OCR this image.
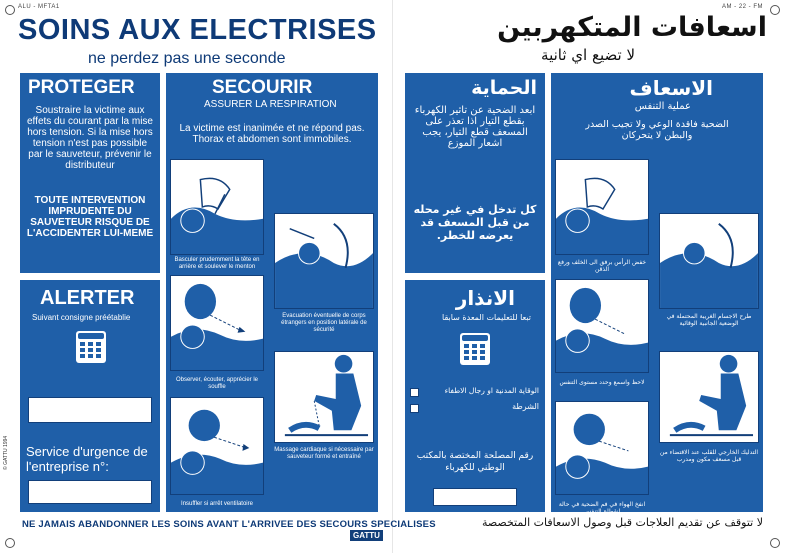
ALU - MFTA1	AM - 22 - FM
SOINS AUX ELECTRISES
ne perdez pas une seconde
PROTEGER
Soustraire la victime aux effets du courant par la mise hors tension. Si la mise hors tension n'est pas possible par le sauveteur, prévenir le distributeur
TOUTE INTERVENTION IMPRUDENTE DU SAUVETEUR RISQUE DE L'ACCIDENTER LUI-MEME
ALERTER
Suivant consigne préétablie
Service d'urgence de l'entreprise n°:
SECOURIR
ASSURER LA RESPIRATION
La victime est inanimée et ne répond pas. Thorax et abdomen sont immobiles.
Basculer prudemment la tête en arrière et soulever le menton
Observer, écouter, apprécier le souffle
Insuffler si arrêt ventilatoire
Evacuation éventuelle de corps étrangers en position latérale de sécurité
Massage cardiaque si nécessaire par sauveteur formé et entraîné
NE JAMAIS ABANDONNER LES SOINS AVANT L'ARRIVEE DES SECOURS SPECIALISES
GATTU
© GATTU 1994
اسعافات المتكهربين
لا تضيع اي ثانية
الحماية
ابعد الضحية عن تاثير الكهرباء بقطع التيار اذا تعذر على المسعف قطع التيار، يجب اشعار الموزع
كل تدخل في غير محله من قبل المسعف قد يعرضه للخطر.
الانذار
تبعا للتعليمات المعدة سابقا
الوقاية المدنية او رجال الاطفاء
الشرطة
رقم المصلحة المختصة بالمكتب الوطني للكهرباء
الاسعاف
عملية التنفس
الضحية فاقدة الوعي ولا تجيب الصدر والبطن لا يتحركان
خفض الرأس برفق الى الخلف ورفع الذقن
لاحظ واسمع وحدد مستوى التنفس
انفخ الهواء في فم الضحية في حالة انقطاع التنفس
طرح الاجسام الغريبة المحتملة في الوضعية الجانبية الوقائية
التدليك الخارجي للقلب عند الاقتضاء من قبل مسعف مكون ومدرب
لا تتوقف عن تقديم العلاجات قبل وصول الاسعافات المتخصصة
